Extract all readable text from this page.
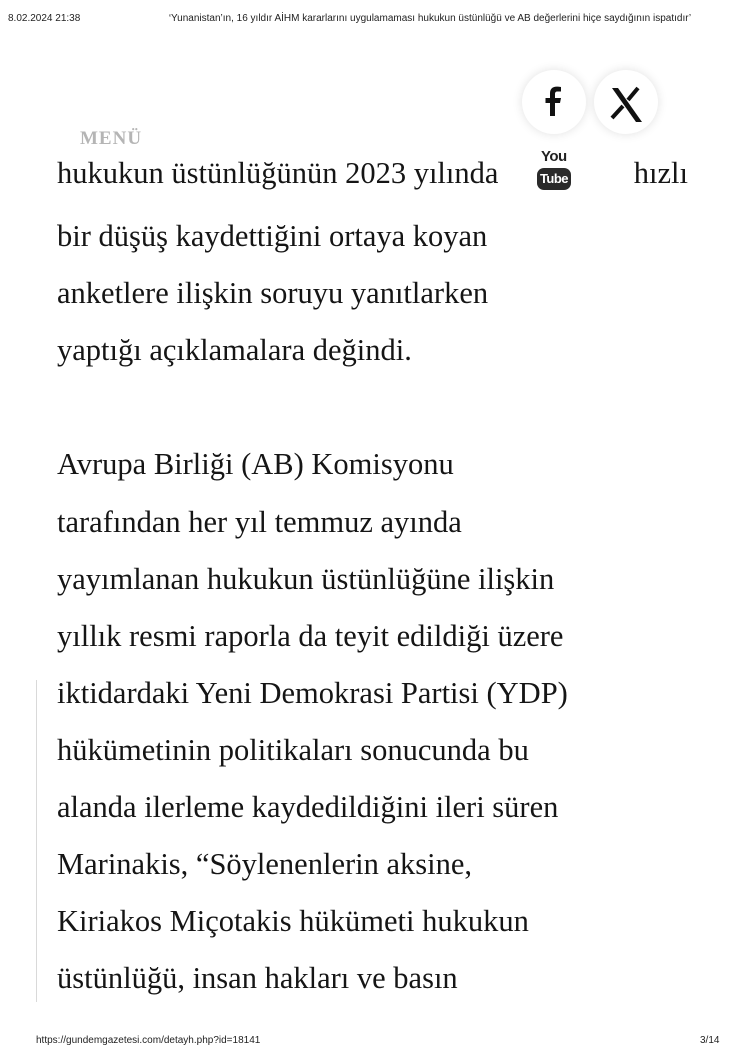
8.02.2024 21:38	‘Yunanistan’ın, 16 yıldır AİHM kararlarını uygulamaması hukukun üstünlüğü ve AB değerlerini hiçe saydığının ispatıdır’
MENÜ
You
Tube
hukukun üstünlüğünün 2023 yılında	hızlı
bir düşüş kaydettiğini ortaya koyan
anketlere ilişkin soruyu yanıtlarken
yaptığı açıklamalara değindi.
Avrupa Birliği (AB) Komisyonu
tarafından her yıl temmuz ayında
yayımlanan hukukun üstünlüğüne ilişkin
yıllık resmi raporla da teyit edildiği üzere
iktidardaki Yeni Demokrasi Partisi (YDP)
hükümetinin politikaları sonucunda bu
alanda ilerleme kaydedildiğini ileri süren
Marinakis, “Söylenenlerin aksine,
Kiriakos Miçotakis hükümeti hukukun
üstünlüğü, insan hakları ve basın
https://gundemgazetesi.com/detayh.php?id=18141	3/14
